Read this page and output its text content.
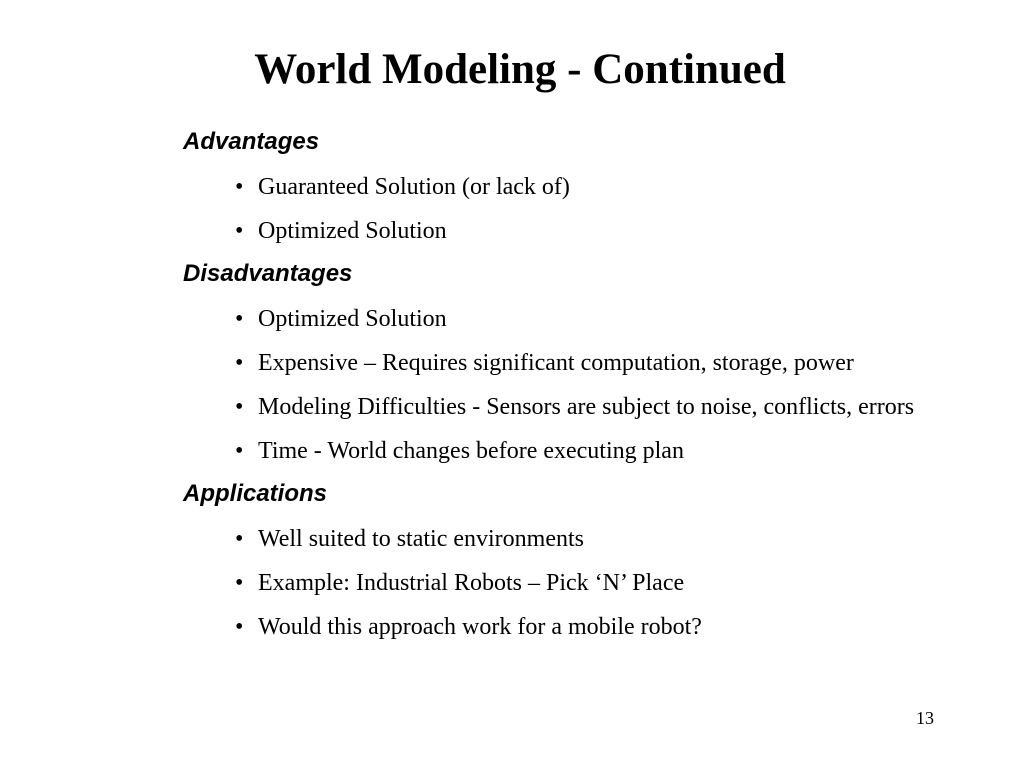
World Modeling - Continued
Advantages
• Guaranteed Solution (or lack of)
• Optimized Solution
Disadvantages
• Optimized Solution
• Expensive – Requires significant computation, storage, power
• Modeling Difficulties - Sensors are subject to noise, conflicts, errors
• Time - World changes before executing plan
Applications
• Well suited to static environments
• Example: Industrial Robots – Pick ‘N’ Place
• Would this approach work for a mobile robot?
13
